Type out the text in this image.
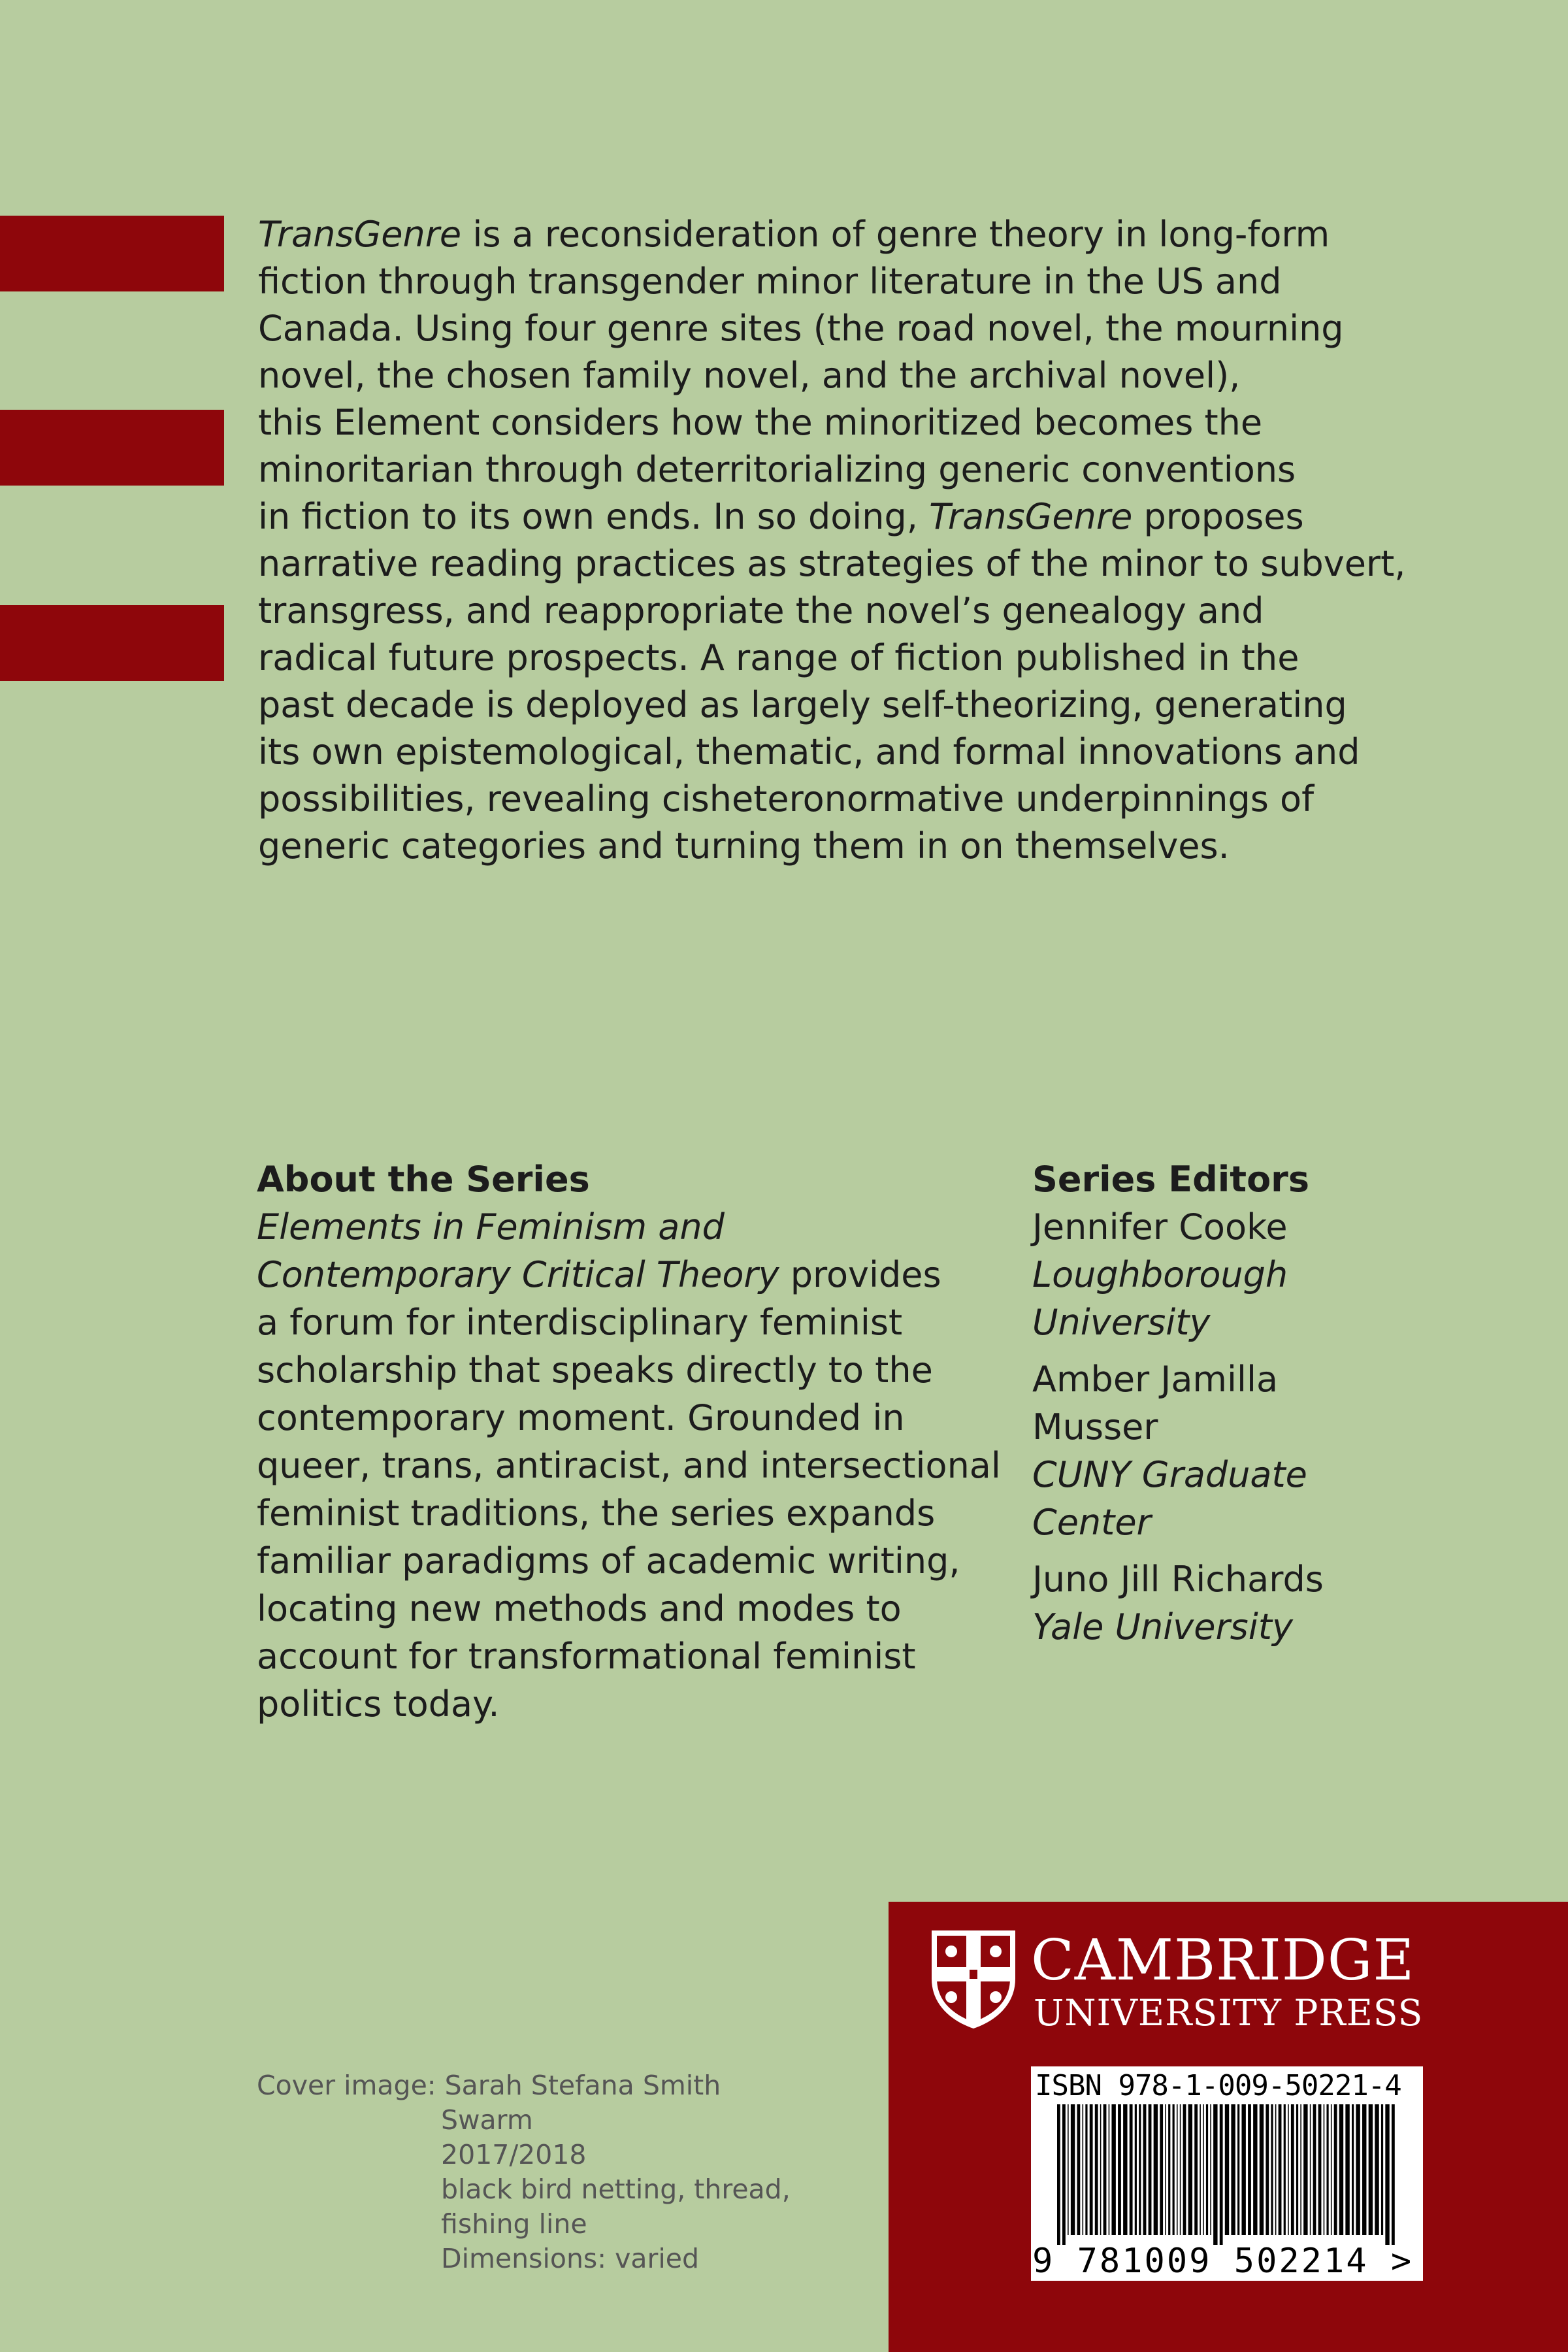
TransGenre is a reconsideration of genre theory in long-form
fiction through transgender minor literature in the US and
Canada. Using four genre sites (the road novel, the mourning
novel, the chosen family novel, and the archival novel),
this Element considers how the minoritized becomes the
minoritarian through deterritorializing generic conventions
in fiction to its own ends. In so doing, TransGenre proposes
narrative reading practices as strategies of the minor to subvert,
transgress, and reappropriate the novel’s genealogy and
radical future prospects. A range of fiction published in the
past decade is deployed as largely self-theorizing, generating
its own epistemological, thematic, and formal innovations and
possibilities, revealing cisheteronormative underpinnings of
generic categories and turning them in on themselves.
About the Series
Elements in Feminism and
Contemporary Critical Theory provides
a forum for interdisciplinary feminist
scholarship that speaks directly to the
contemporary moment. Grounded in
queer, trans, antiracist, and intersectional
feminist traditions, the series expands
familiar paradigms of academic writing,
locating new methods and modes to
account for transformational feminist
politics today.
Series Editors
Jennifer Cooke
Loughborough
University
Amber Jamilla
Musser
CUNY Graduate
Center
Juno Jill Richards
Yale University
Cover image: Sarah Stefana Smith
Swarm
2017/2018
black bird netting, thread,
fishing line
Dimensions: varied
CAMBRIDGE
UNIVERSITY PRESS
ISBN 978-1-009-50221-4
9 781009 502214 >
